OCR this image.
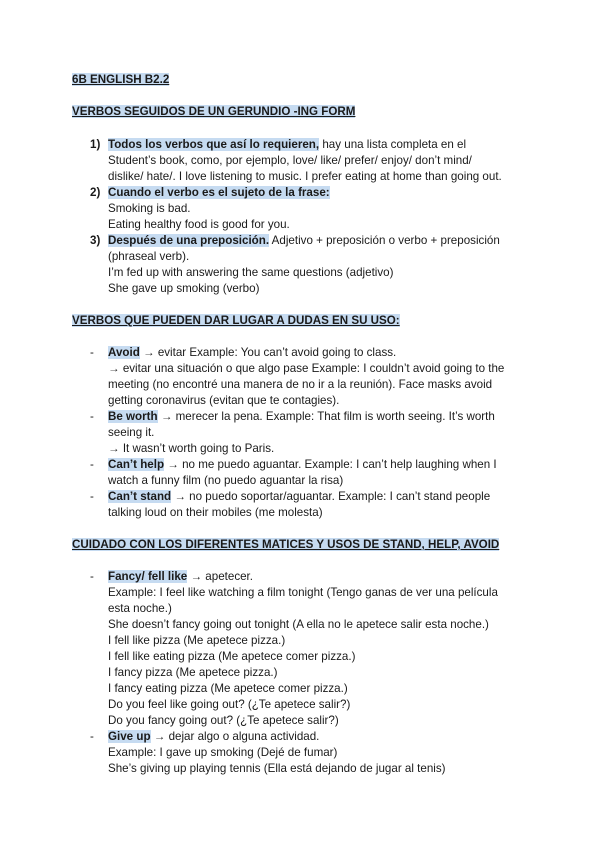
6B ENGLISH B2.2
VERBOS SEGUIDOS DE UN GERUNDIO -ING FORM
1) Todos los verbos que así lo requieren, hay una lista completa en el
Student’s book, como, por ejemplo, love/ like/ prefer/ enjoy/ don’t mind/
dislike/ hate/. I love listening to music. I prefer eating at home than going out.
2) Cuando el verbo es el sujeto de la frase:
Smoking is bad.
Eating healthy food is good for you.
3) Después de una preposición. Adjetivo + preposición o verbo + preposición
(phraseal verb).
I’m fed up with answering the same questions (adjetivo)
She gave up smoking (verbo)
VERBOS QUE PUEDEN DAR LUGAR A DUDAS EN SU USO:
- Avoid → evitar Example: You can’t avoid going to class.
→ evitar una situación o que algo pase Example: I couldn’t avoid going to the
meeting (no encontré una manera de no ir a la reunión). Face masks avoid
getting coronavirus (evitan que te contagies).
- Be worth → merecer la pena. Example: That film is worth seeing. It’s worth
seeing it.
→ It wasn’t worth going to Paris.
- Can’t help → no me puedo aguantar. Example: I can’t help laughing when I
watch a funny film (no puedo aguantar la risa)
- Can’t stand → no puedo soportar/aguantar. Example: I can’t stand people
talking loud on their mobiles (me molesta)
CUIDADO CON LOS DIFERENTES MATICES Y USOS DE STAND, HELP, AVOID
- Fancy/ fell like → apetecer.
Example: I feel like watching a film tonight (Tengo ganas de ver una película
esta noche.)
She doesn’t fancy going out tonight (A ella no le apetece salir esta noche.)
I fell like pizza (Me apetece pizza.)
I fell like eating pizza (Me apetece comer pizza.)
I fancy pizza (Me apetece pizza.)
I fancy eating pizza (Me apetece comer pizza.)
Do you feel like going out? (¿Te apetece salir?)
Do you fancy going out? (¿Te apetece salir?)
- Give up → dejar algo o alguna actividad.
Example: I gave up smoking (Dejé de fumar)
She’s giving up playing tennis (Ella está dejando de jugar al tenis)
